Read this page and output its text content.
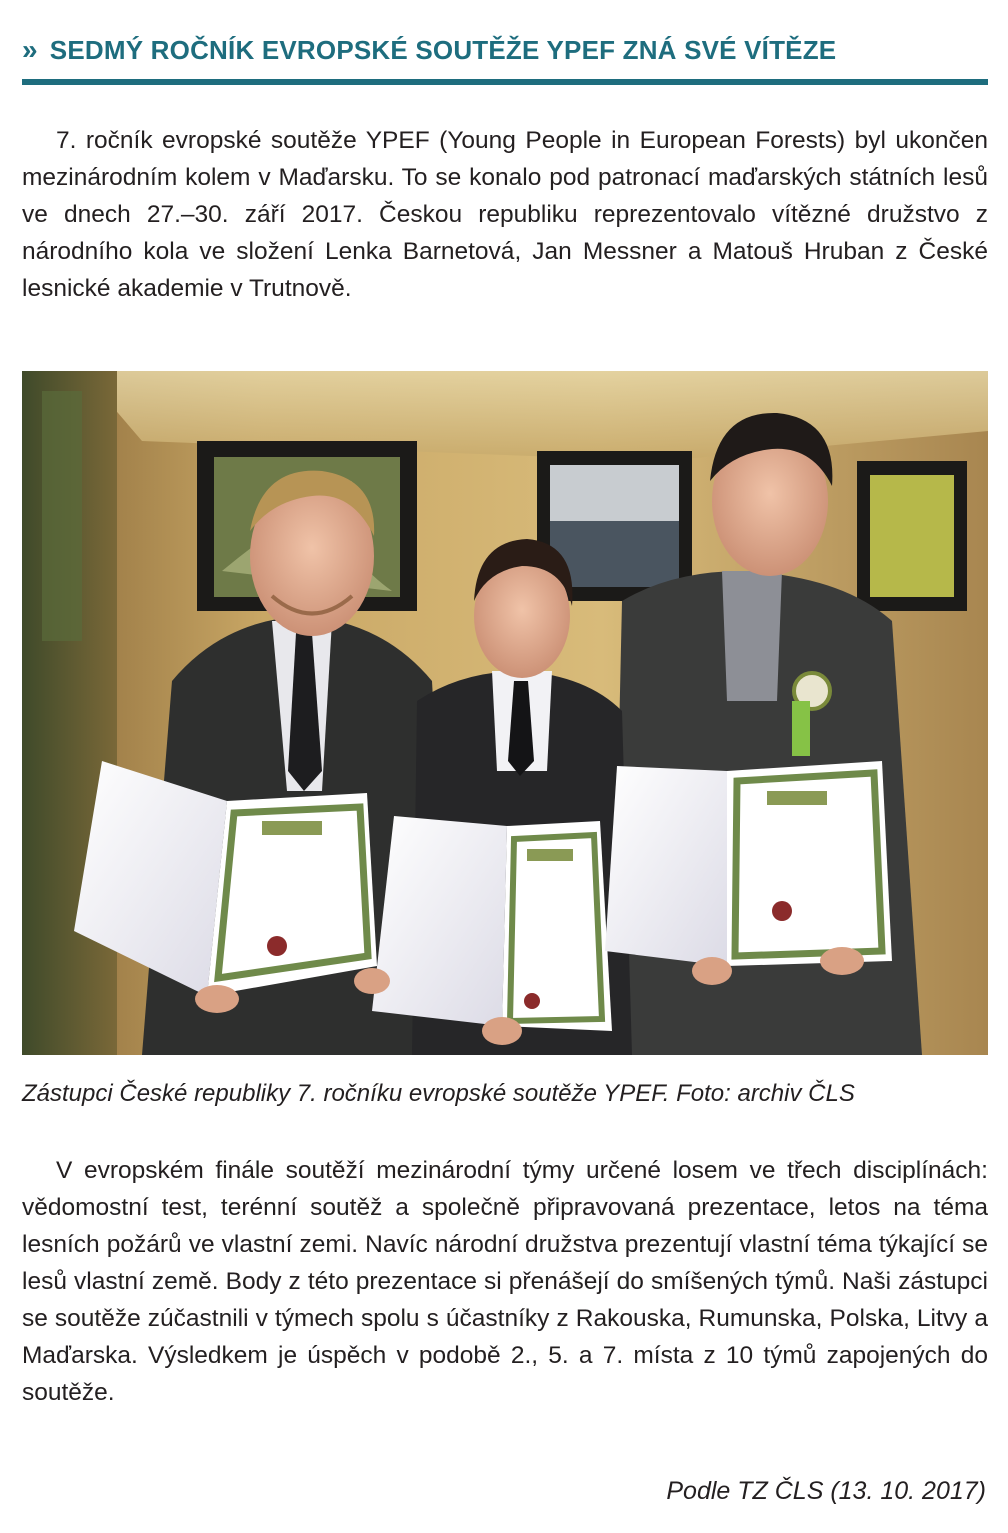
» SEDMÝ ROČNÍK EVROPSKÉ SOUTĚŽE YPEF ZNÁ SVÉ VÍTĚZE

7. ročník evropské soutěže YPEF (Young People in European Forests) byl ukončen mezinárodním kolem v Maďarsku. To se konalo pod patronací maďarských státních lesů ve dnech 27.–30. září 2017. Českou republiku reprezentovalo vítězné družstvo z národního kola ve složení Lenka Barnetová, Jan Messner a Matouš Hruban z České lesnické akademie v Trutnově.

Zástupci České republiky 7. ročníku evropské soutěže YPEF. Foto: archiv ČLS

V evropském finále soutěží mezinárodní týmy určené losem ve třech disciplínách: vědomostní test, terénní soutěž a společně připravovaná prezentace, letos na téma lesních požárů ve vlastní zemi. Navíc národní družstva prezentují vlastní téma týkající se lesů vlastní země. Body z této prezentace si přenášejí do smíšených týmů. Naši zástupci se soutěže zúčastnili v týmech spolu s účastníky z Rakouska, Rumunska, Polska, Litvy a Maďarska. Výsledkem je úspěch v podobě 2., 5. a 7. místa z 10 týmů zapojených do soutěže.

Podle TZ ČLS (13. 10. 2017)
